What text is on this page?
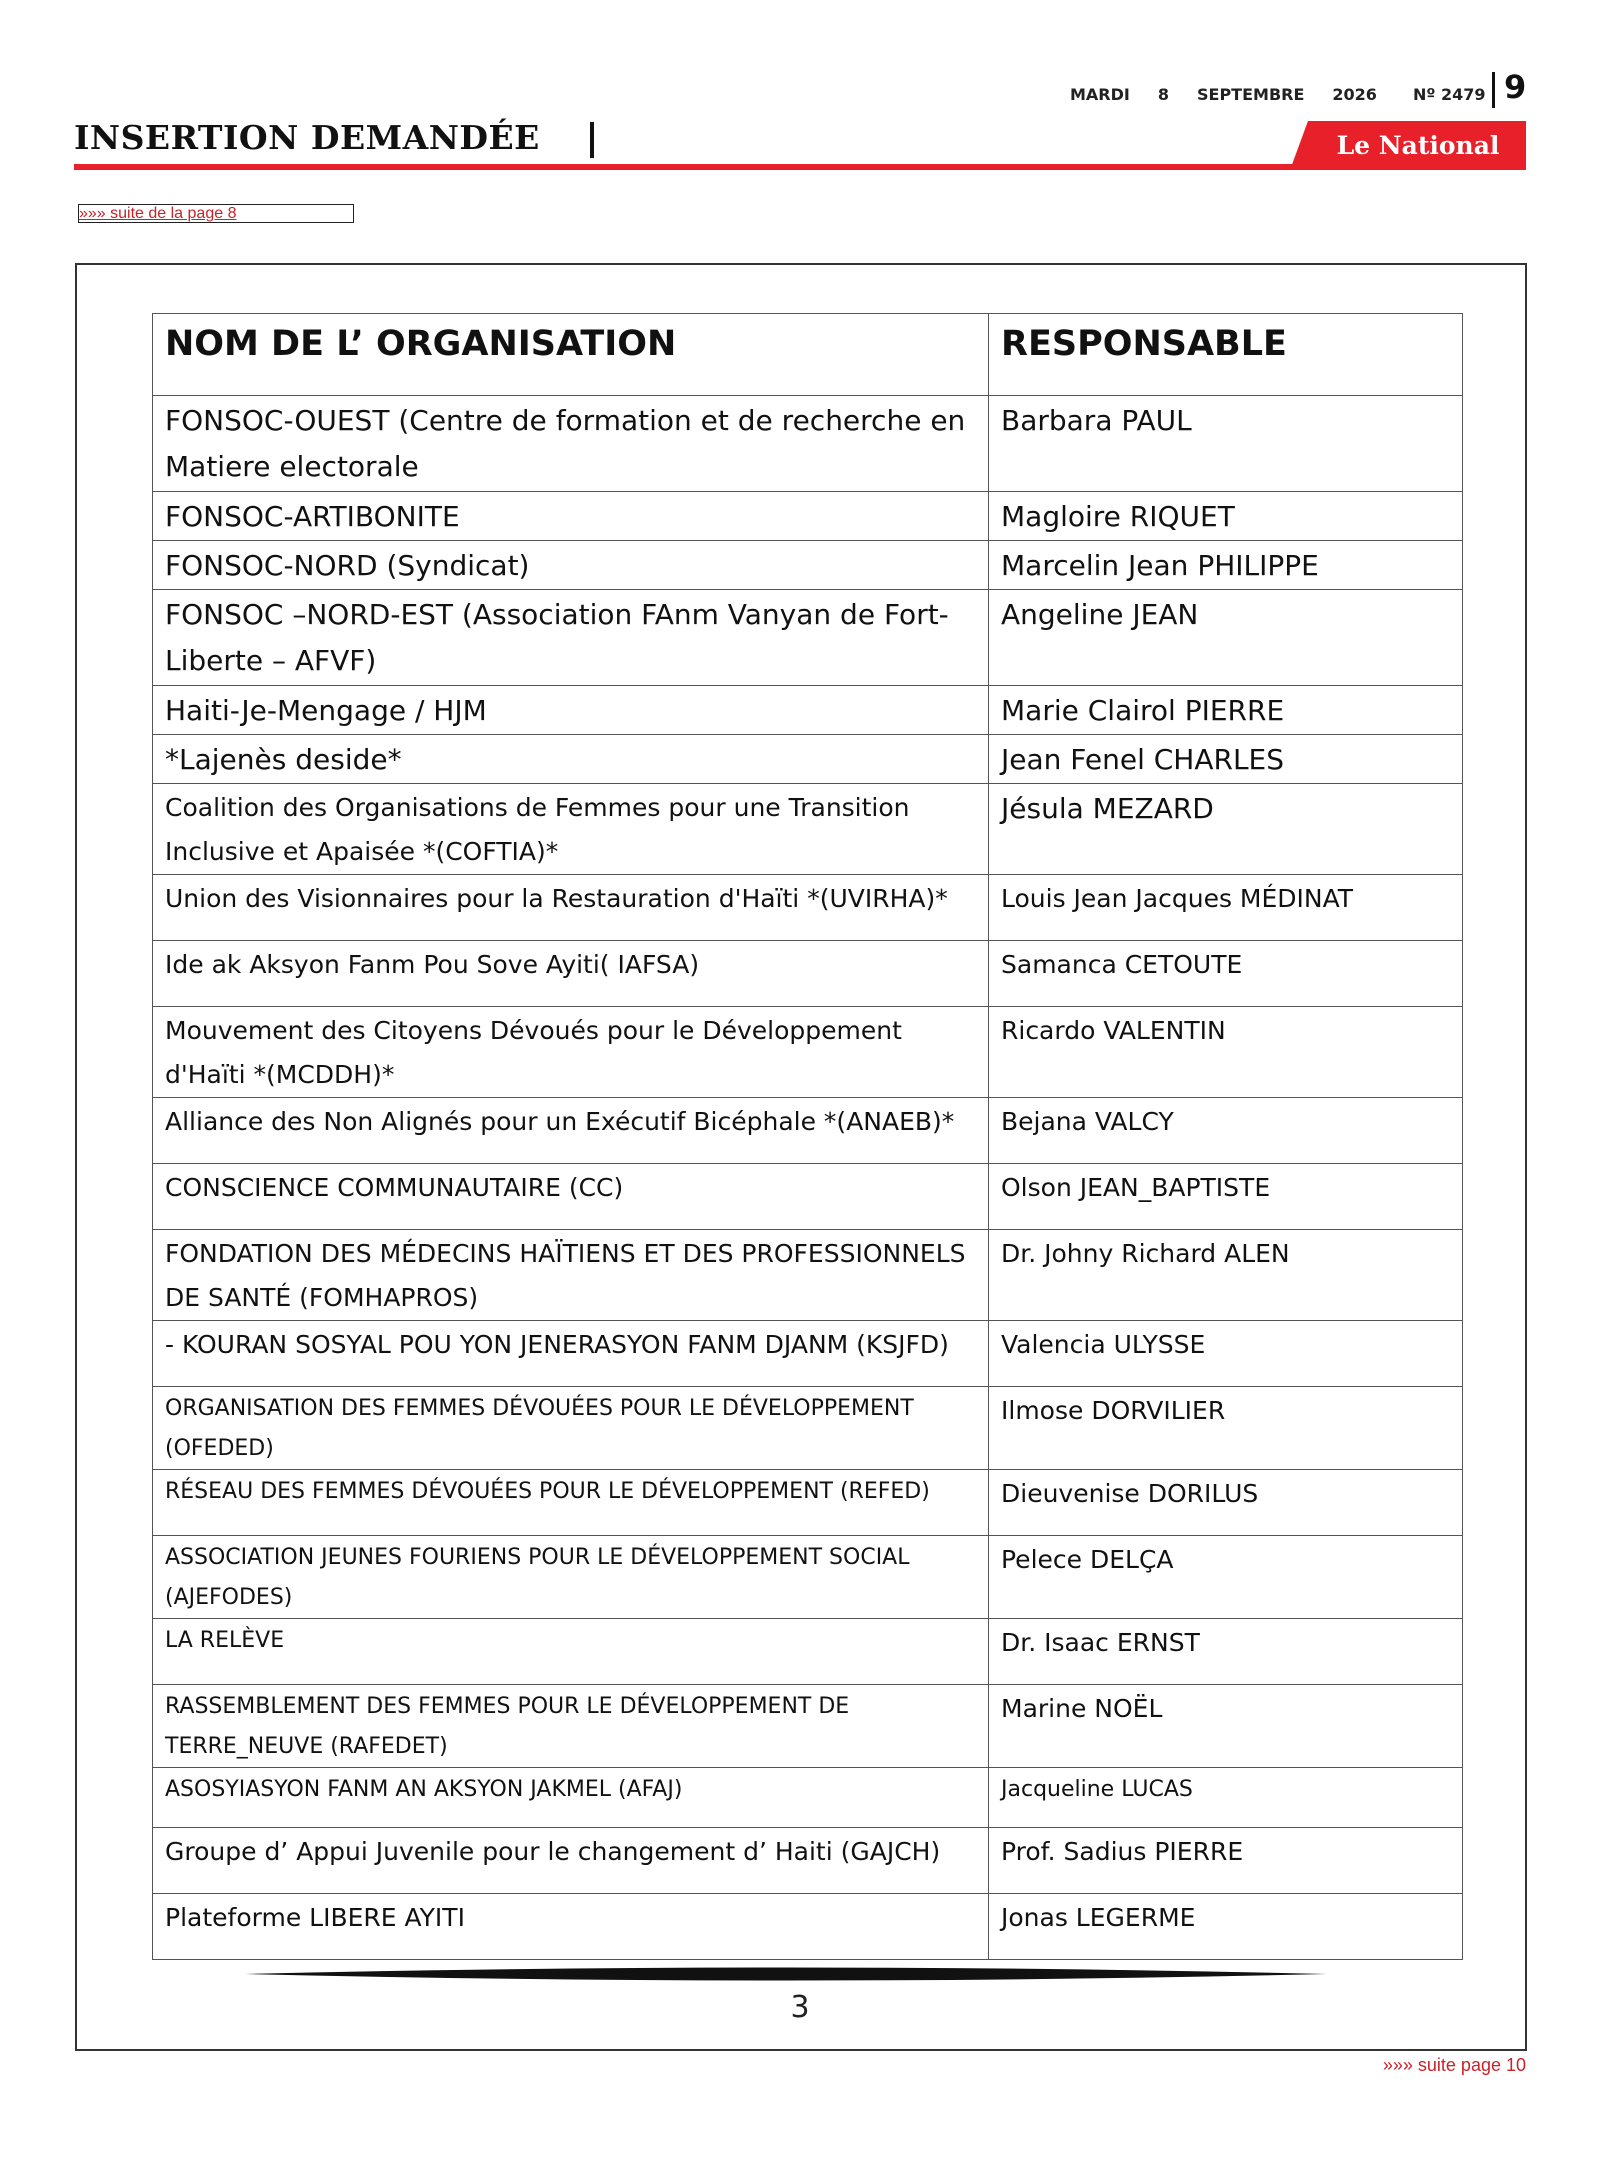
INSERTION DEMANDÉE
MARDI 8 SEPTEMBRE 2026 Nº 2479 9
Le National
»»» suite de la page 8
NOM DE L’ ORGANISATION	RESPONSABLE
FONSOC-OUEST (Centre de formation et de recherche en Matiere electorale	Barbara PAUL
FONSOC-ARTIBONITE	Magloire RIQUET
FONSOC-NORD (Syndicat)	Marcelin Jean PHILIPPE
FONSOC –NORD-EST (Association FAnm Vanyan de Fort-Liberte – AFVF)	Angeline JEAN
Haiti-Je-Mengage / HJM	Marie Clairol PIERRE
*Lajenès deside*	Jean Fenel CHARLES
Coalition des Organisations de Femmes pour une Transition Inclusive et Apaisée *(COFTIA)*	Jésula MEZARD
Union des Visionnaires pour la Restauration d'Haïti *(UVIRHA)*	Louis Jean Jacques MÉDINAT
Ide ak Aksyon Fanm Pou Sove Ayiti( IAFSA)	Samanca CETOUTE
Mouvement des Citoyens Dévoués pour le Développement d'Haïti *(MCDDH)*	Ricardo VALENTIN
Alliance des Non Alignés pour un Exécutif Bicéphale *(ANAEB)*	Bejana VALCY
CONSCIENCE COMMUNAUTAIRE (CC)	Olson JEAN_BAPTISTE
FONDATION DES MÉDECINS HAÏTIENS ET DES PROFESSIONNELS DE SANTÉ (FOMHAPROS)	Dr. Johny Richard ALEN
- KOURAN SOSYAL POU YON JENERASYON FANM DJANM (KSJFD)	Valencia ULYSSE
ORGANISATION DES FEMMES DÉVOUÉES POUR LE DÉVELOPPEMENT (OFEDED)	Ilmose DORVILIER
RÉSEAU DES FEMMES DÉVOUÉES POUR LE DÉVELOPPEMENT (REFED)	Dieuvenise DORILUS
ASSOCIATION JEUNES FOURIENS POUR LE DÉVELOPPEMENT SOCIAL (AJEFODES)	Pelece DELÇA
LA RELÈVE	Dr. Isaac ERNST
RASSEMBLEMENT DES FEMMES POUR LE DÉVELOPPEMENT DE TERRE_NEUVE (RAFEDET)	Marine NOËL
ASOSYIASYON FANM AN AKSYON JAKMEL (AFAJ)	Jacqueline LUCAS
Groupe d’ Appui Juvenile pour le changement d’ Haiti (GAJCH)	Prof. Sadius PIERRE
Plateforme LIBERE AYITI	Jonas LEGERME
3
»»» suite page 10
